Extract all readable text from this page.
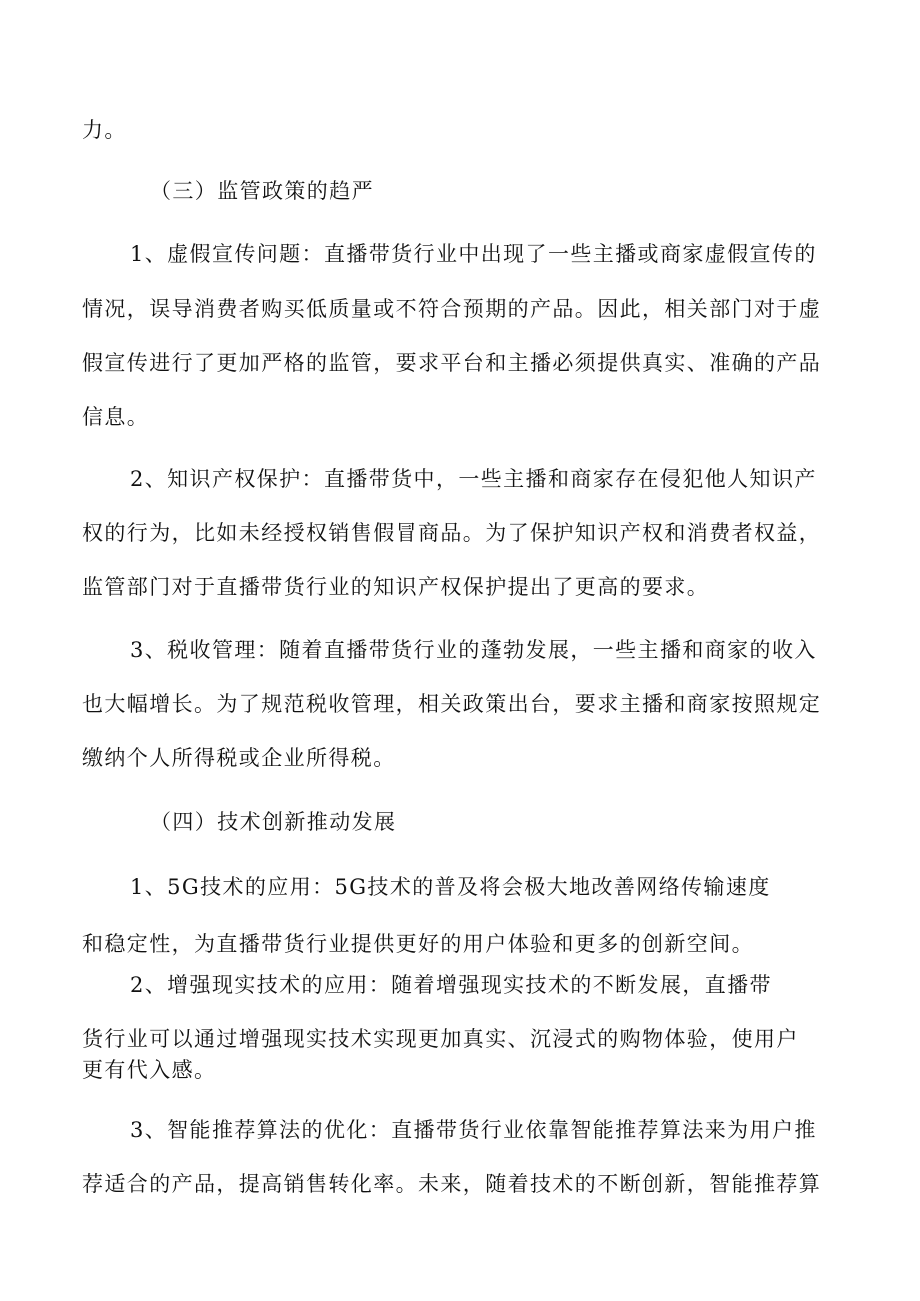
力。
（三）监管政策的趋严
1、虚假宣传问题：直播带货行业中出现了一些主播或商家虚假宣传的
情况，误导消费者购买低质量或不符合预期的产品。因此，相关部门对于虚
假宣传进行了更加严格的监管，要求平台和主播必须提供真实、准确的产品
信息。
2、知识产权保护：直播带货中，一些主播和商家存在侵犯他人知识产
权的行为，比如未经授权销售假冒商品。为了保护知识产权和消费者权益，
监管部门对于直播带货行业的知识产权保护提出了更高的要求。
3、税收管理：随着直播带货行业的蓬勃发展，一些主播和商家的收入
也大幅增长。为了规范税收管理，相关政策出台，要求主播和商家按照规定
缴纳个人所得税或企业所得税。
（四）技术创新推动发展
1、5G技术的应用：5G技术的普及将会极大地改善网络传输速度
和稳定性，为直播带货行业提供更好的用户体验和更多的创新空间。
2、增强现实技术的应用：随着增强现实技术的不断发展，直播带
货行业可以通过增强现实技术实现更加真实、沉浸式的购物体验，使用户
更有代入感。
3、智能推荐算法的优化：直播带货行业依靠智能推荐算法来为用户推
荐适合的产品，提高销售转化率。未来，随着技术的不断创新，智能推荐算
